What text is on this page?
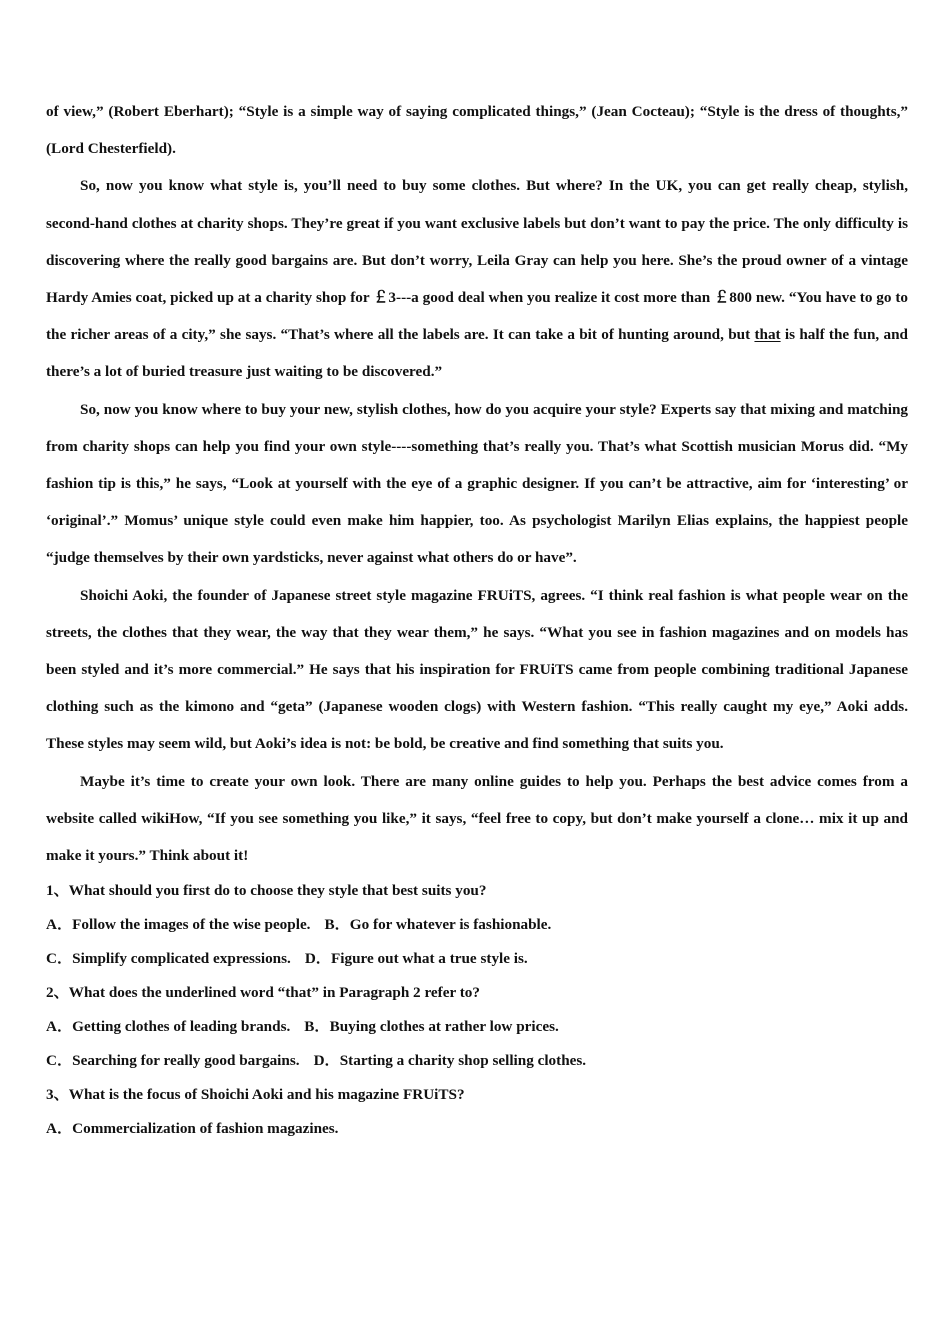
of view,” (Robert Eberhart); “Style is a simple way of saying complicated things,” (Jean Cocteau); “Style is the dress of thoughts,” (Lord Chesterfield).

So, now you know what style is, you’ll need to buy some clothes. But where? In the UK, you can get really cheap, stylish, second-hand clothes at charity shops. They’re great if you want exclusive labels but don’t want to pay the price. The only difficulty is discovering where the really good bargains are. But don’t worry, Leila Gray can help you here. She’s the proud owner of a vintage Hardy Amies coat, picked up at a charity shop for ￡3---a good deal when you realize it cost more than ￡800 new. “You have to go to the richer areas of a city,” she says. “That’s where all the labels are. It can take a bit of hunting around, but that is half the fun, and there’s a lot of buried treasure just waiting to be discovered.”

So, now you know where to buy your new, stylish clothes, how do you acquire your style? Experts say that mixing and matching from charity shops can help you find your own style----something that’s really you. That’s what Scottish musician Morus did. “My fashion tip is this,” he says, “Look at yourself with the eye of a graphic designer. If you can’t be attractive, aim for ‘interesting’ or ‘original’.” Momus’ unique style could even make him happier, too. As psychologist Marilyn Elias explains, the happiest people “judge themselves by their own yardsticks, never against what others do or have”.

Shoichi Aoki, the founder of Japanese street style magazine FRUiTS, agrees. “I think real fashion is what people wear on the streets, the clothes that they wear, the way that they wear them,” he says. “What you see in fashion magazines and on models has been styled and it’s more commercial.” He says that his inspiration for FRUiTS came from people combining traditional Japanese clothing such as the kimono and “geta” (Japanese wooden clogs) with Western fashion. “This really caught my eye,” Aoki adds. These styles may seem wild, but Aoki’s idea is not: be bold, be creative and find something that suits you.

Maybe it’s time to create your own look. There are many online guides to help you. Perhaps the best advice comes from a website called wikiHow, “If you see something you like,” it says, “feel free to copy, but don’t make yourself a clone… mix it up and make it yours.” Think about it!

1、What should you first do to choose they style that best suits you?

A．Follow the images of the wise people. B．Go for whatever is fashionable.

C．Simplify complicated expressions. D．Figure out what a true style is.

2、What does the underlined word “that” in Paragraph 2 refer to?

A．Getting clothes of leading brands. B．Buying clothes at rather low prices.

C．Searching for really good bargains. D．Starting a charity shop selling clothes.

3、What is the focus of Shoichi Aoki and his magazine FRUiTS?

A．Commercialization of fashion magazines.
